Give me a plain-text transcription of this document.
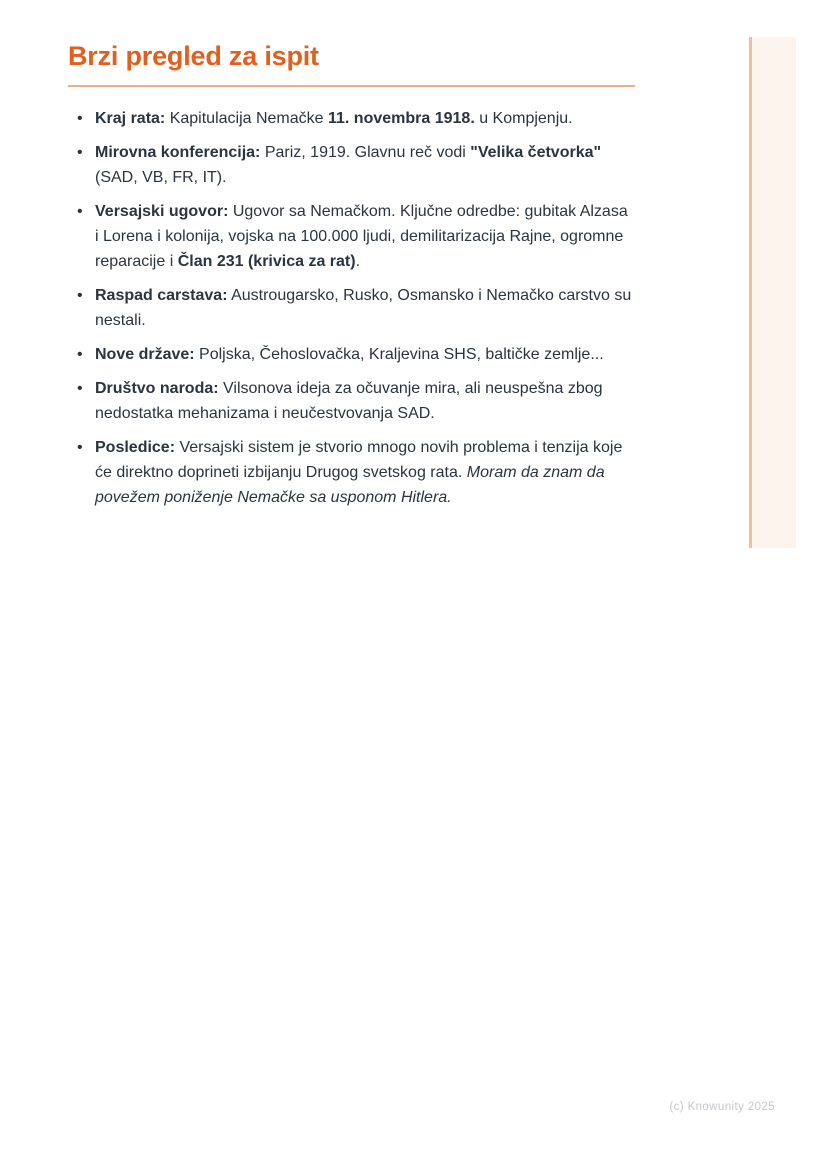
Brzi pregled za ispit
•
Kraj rata: Kapitulacija Nemačke 11. novembra 1918. u Kompjenju.
•
Mirovna konferencija: Pariz, 1919. Glavnu reč vodi "Velika četvorka" (SAD, VB, FR, IT).
•
Versajski ugovor: Ugovor sa Nemačkom. Ključne odredbe: gubitak Alzasa i Lorena i kolonija, vojska na 100.000 ljudi, demilitarizacija Rajne, ogromne reparacije i Član 231 (krivica za rat).
•
Raspad carstava: Austrougarsko, Rusko, Osmansko i Nemačko carstvo su nestali.
•
Nove države: Poljska, Čehoslovačka, Kraljevina SHS, baltičke zemlje...
•
Društvo naroda: Vilsonova ideja za očuvanje mira, ali neuspešna zbog nedostatka mehanizama i neučestvovanja SAD.
•
Posledice: Versajski sistem je stvorio mnogo novih problema i tenzija koje će direktno doprineti izbijanju Drugog svetskog rata. Moram da znam da povežem poniženje Nemačke sa usponom Hitlera.
(c) Knowunity 2025
